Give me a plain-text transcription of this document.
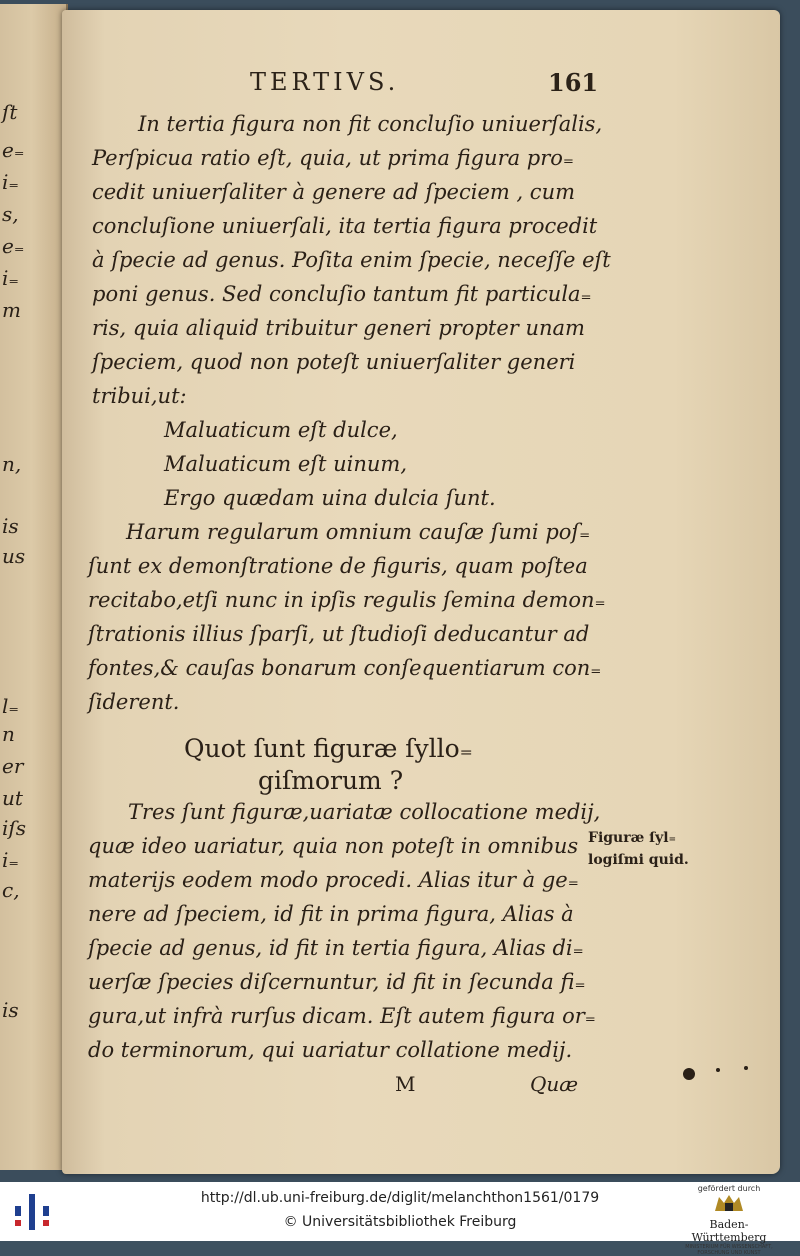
ſt
e₌
i₌
s,
e₌
i₌
m
n,
is
us
l₌
n
er
ut
iſs
i₌
c,
is
TERTIVS.	161
In tertia figura non fit concluſio uniuerſalis,
Perſpicua ratio eſt, quia, ut prima figura pro₌
cedit uniuerſaliter à genere ad ſpeciem , cum
concluſione uniuerſali, ita tertia figura procedit
à ſpecie ad genus. Poſita enim ſpecie, neceſſe eſt
poni genus. Sed concluſio tantum fit particula₌
ris, quia aliquid tribuitur generi propter unam
ſpeciem, quod non poteſt uniuerſaliter generi
tribui,ut:
Maluaticum eſt dulce,
Maluaticum eſt uinum,
Ergo quædam uina dulcia ſunt.
Harum regularum omnium cauſæ ſumi poſ₌
ſunt ex demonſtratione de figuris, quam poſtea
recitabo,etſi nunc in ipſis regulis ſemina demon₌
ſtrationis illius ſparſi, ut ſtudioſi deducantur ad
fontes,& cauſas bonarum conſequentiarum con₌
ſiderent.
Quot ſunt figuræ ſyllo₌
giſmorum ?
Tres ſunt figuræ,uariatæ collocatione medij,
quæ ideo uariatur, quia non poteſt in omnibus
materijs eodem modo procedi. Alias itur à ge₌
nere ad ſpeciem, id fit in prima figura, Alias à
ſpecie ad genus, id fit in tertia figura, Alias di₌
uerſæ ſpecies diſcernuntur, id fit in ſecunda fi₌
gura,ut infrà rurſus dicam. Eſt autem figura or₌
do terminorum, qui uariatur collatione medij.
Figuræ ſyl₌
logiſmi quid.
M	Quæ
http://dl.ub.uni-freiburg.de/diglit/melanchthon1561/0179
© Universitätsbibliothek Freiburg
gefördert durch
Baden-Württemberg
MINISTERIUM FÜR WISSENSCHAFT, FORSCHUNG UND KUNST
